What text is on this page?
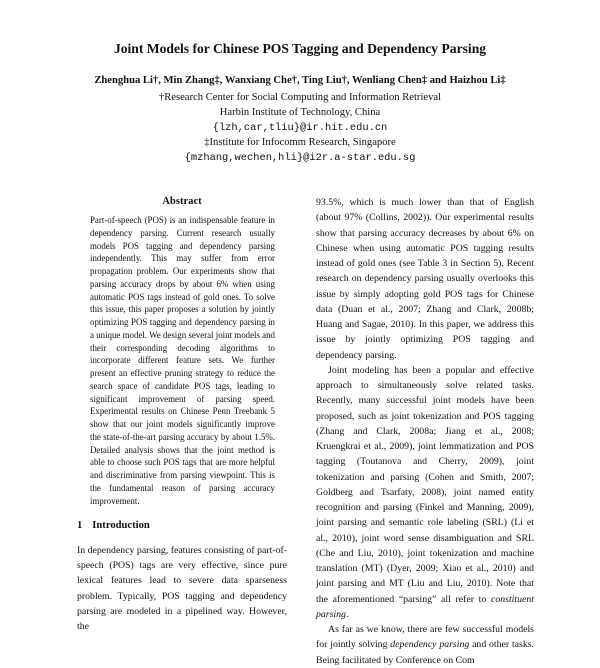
Joint Models for Chinese POS Tagging and Dependency Parsing
Zhenghua Li†, Min Zhang‡, Wanxiang Che†, Ting Liu†, Wenliang Chen‡ and Haizhou Li‡
†Research Center for Social Computing and Information Retrieval
Harbin Institute of Technology, China
{lzh,car,tliu}@ir.hit.edu.cn
‡Institute for Infocomm Research, Singapore
{mzhang,wechen,hli}@i2r.a-star.edu.sg
Abstract
Part-of-speech (POS) is an indispensable feature in dependency parsing. Current research usually models POS tagging and dependency parsing independently. This may suffer from error propagation problem. Our experiments show that parsing accuracy drops by about 6% when using automatic POS tags instead of gold ones. To solve this issue, this paper proposes a solution by jointly optimizing POS tagging and dependency parsing in a unique model. We design several joint models and their corresponding decoding algorithms to incorporate different feature sets. We further present an effective pruning strategy to reduce the search space of candidate POS tags, leading to significant improvement of parsing speed. Experimental results on Chinese Penn Treebank 5 show that our joint models significantly improve the state-of-the-art parsing accuracy by about 1.5%. Detailed analysis shows that the joint method is able to choose such POS tags that are more helpful and discriminative from parsing viewpoint. This is the fundamental reason of parsing accuracy improvement.
1 Introduction
In dependency parsing, features consisting of part-of-speech (POS) tags are very effective, since pure lexical features lead to severe data sparseness problem. Typically, POS tagging and dependency parsing are modeled in a pipelined way. However, the

93.5%, which is much lower than that of English (about 97% (Collins, 2002)). Our experimental results show that parsing accuracy decreases by about 6% on Chinese when using automatic POS tagging results instead of gold ones (see Table 3 in Section 5). Recent research on dependency parsing usually overlooks this issue by simply adopting gold POS tags for Chinese data (Duan et al., 2007; Zhang and Clark, 2008b; Huang and Sagae, 2010). In this paper, we address this issue by jointly optimizing POS tagging and dependency parsing.

Joint modeling has been a popular and effective approach to simultaneously solve related tasks. Recently, many successful joint models have been proposed, such as joint tokenization and POS tagging (Zhang and Clark, 2008a; Jiang et al., 2008; Kruengkrai et al., 2009), joint lemmatization and POS tagging (Toutanova and Cherry, 2009), joint tokenization and parsing (Cohen and Smith, 2007; Goldberg and Tsarfaty, 2008), joint named entity recognition and parsing (Finkel and Manning, 2009), joint parsing and semantic role labeling (SRL) (Li et al., 2010), joint word sense disambiguation and SRL (Che and Liu, 2010), joint tokenization and machine translation (MT) (Dyer, 2009; Xiao et al., 2010) and joint parsing and MT (Liu and Liu, 2010). Note that the aforementioned “parsing” all refer to constituent parsing.

As far as we know, there are few successful models for jointly solving dependency parsing and other tasks. Being facilitated by Conference on Com
